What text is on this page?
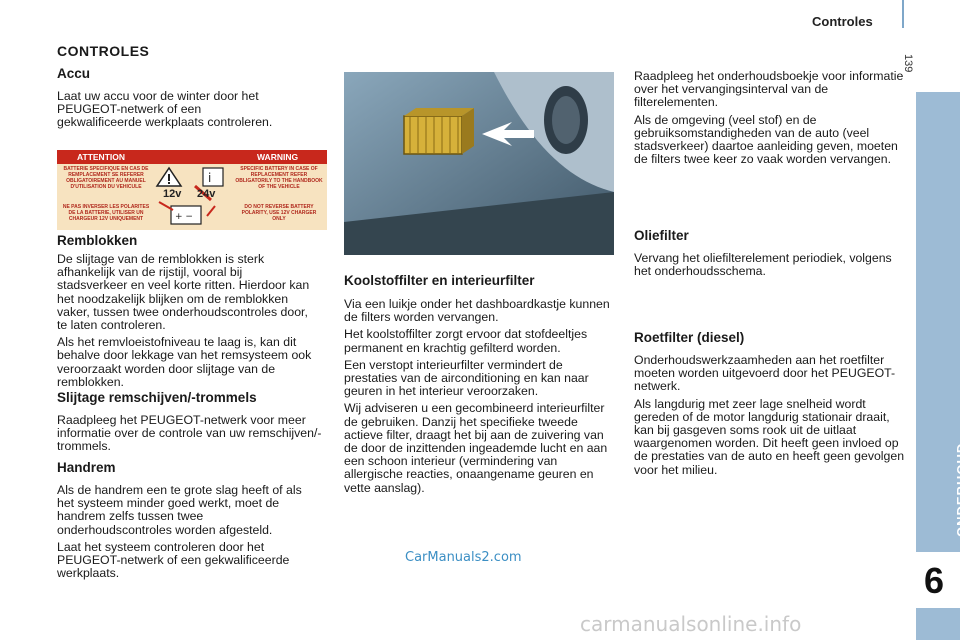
Controles
139
ONDERHOUD
6
CONTROLES
Accu

Laat uw accu voor de winter door het PEUGEOT-netwerk of een gekwalificeerde werkplaats controleren.

ATTENTION	WARNING
BATTERIE SPECIFIQUE EN CAS DE REMPLACEMENT SE REFERER OBLIGATOIREMENT AU MANUEL D'UTILISATION DU VEHICULE
NE PAS INVERSER LES POLARITES DE LA BATTERIE, UTILISER UN CHARGEUR 12V UNIQUEMENT
SPECIFIC BATTERY IN CASE OF REPLACEMENT REFER OBLIGATORILY TO THE HANDBOOK OF THE VEHICLE
DO NOT REVERSE BATTERY POLARITY, USE 12V CHARGER ONLY
i
+ −
12v 24v
Remblokken

De slijtage van de remblokken is sterk afhankelijk van de rijstijl, vooral bij stadsverkeer en veel korte ritten. Hierdoor kan het noodzakelijk blijken om de remblokken vaker, tussen twee onderhoudscontroles door, te laten controleren.

Als het remvloeistofniveau te laag is, kan dit behalve door lekkage van het remsysteem ook veroorzaakt worden door slijtage van de remblokken.

Slijtage remschijven/-trommels

Raadpleeg het PEUGEOT-netwerk voor meer informatie over de controle van uw remschijven/-trommels.

Handrem

Als de handrem een te grote slag heeft of als het systeem minder goed werkt, moet de handrem zelfs tussen twee onderhoudscontroles worden afgesteld.

Laat het systeem controleren door het PEUGEOT-netwerk of een gekwalificeerde werkplaats.

Koolstoffilter en interieurfilter

Via een luikje onder het dashboardkastje kunnen de filters worden vervangen.

Het koolstoffilter zorgt ervoor dat stofdeeltjes permanent en krachtig gefilterd worden.

Een verstopt interieurfilter vermindert de prestaties van de airconditioning en kan naar geuren in het interieur veroorzaken.

Wij adviseren u een gecombineerd interieurfilter de gebruiken. Danzij het specifieke tweede actieve filter, draagt het bij aan de zuivering van de door de inzittenden ingeademde lucht en aan een schoon interieur (vermindering van allergische reacties, onaangename geuren en vette aanslag).

Raadpleeg het onderhoudsboekje voor informatie over het vervangingsinterval van de filterelementen.

Als de omgeving (veel stof) en de gebruiksomstandigheden van de auto (veel stadsverkeer) daartoe aanleiding geven, moeten de filters twee keer zo vaak worden vervangen.

Oliefilter

Vervang het oliefilterelement periodiek, volgens het onderhoudsschema.

Roetfilter (diesel)

Onderhoudswerkzaamheden aan het roetfilter moeten worden uitgevoerd door het PEUGEOT-netwerk.

Als langdurig met zeer lage snelheid wordt gereden of de motor langdurig stationair draait, kan bij gasgeven soms rook uit de uitlaat waargenomen worden. Dit heeft geen invloed op de prestaties van de auto en heeft geen gevolgen voor het milieu.

CarManuals2.com
carmanualsonline.info
